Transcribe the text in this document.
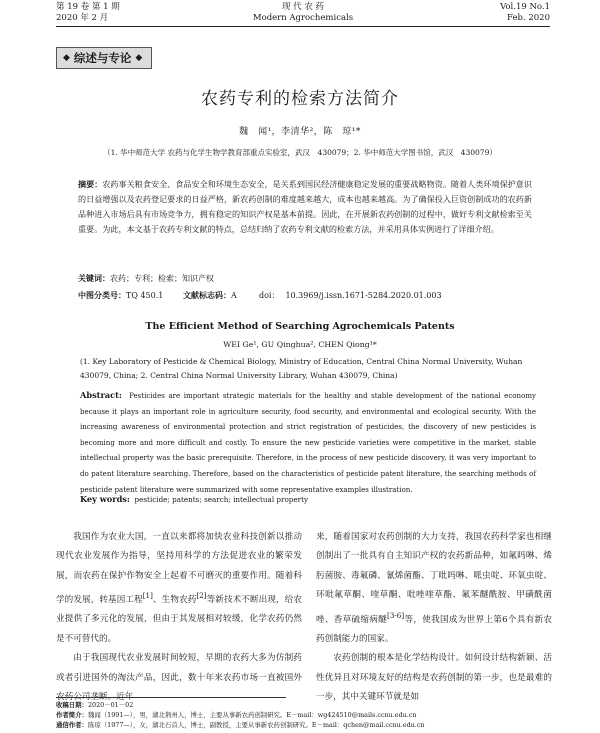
第 19 卷 第 1 期	现 代 农 药	Vol.19 No.1
2020 年 2 月	Modern Agrochemicals	Feb. 2020
◆ 综述与专论 ◆
农药专利的检索方法简介
魏　闻¹，李清华²，陈　琼¹*
（1. 华中师范大学 农药与化学生物学教育部重点实验室，武汉　430079；2. 华中师范大学图书馆，武汉　430079）
摘要：农药事关粮食安全、食品安全和环境生态安全，是关系到国民经济健康稳定发展的重要战略物资。随着人类环境保护意识的日益增强以及农药登记要求的日益严格，新农药创制的难度越来越大，成本也越来越高。为了确保投入巨资创制成功的农药新品种进入市场后具有市场竞争力，拥有稳定的知识产权是基本前提。因此，在开展新农药创制的过程中，做好专利文献检索至关重要。为此，本文基于农药专利文献的特点，总结归纳了农药专利文献的检索方法，并采用具体实例进行了详细介绍。
关键词：农药；专利；检索；知识产权
中图分类号：TQ 450.1 文献标志码：A	doi： 10.3969/j.issn.1671-5284.2020.01.003
The Efficient Method of Searching Agrochemicals Patents
WEI Ge¹, GU Qinghua², CHEN Qiong¹*
(1. Key Laboratory of Pesticide & Chemical Biology, Ministry of Education, Central China Normal University, Wuhan 430079, China; 2. Central China Normal University Library, Wuhan 430079, China)
Abstract: Pesticides are important strategic materials for the healthy and stable development of the national economy because it plays an important role in agriculture security, food security, and environmental and ecological security. With the increasing awareness of environmental protection and strict registration of pesticides, the discovery of new pesticides is becoming more and more difficult and costly. To ensure the new pesticide varieties were competitive in the market, stable intellectual property was the basic prerequisite. Therefore, in the process of new pesticide discovery, it was very important to do patent literature searching. Therefore, based on the characteristics of pesticide patent literature, the searching methods of pesticide patent literature were summarized with some representative examples illustration.
Key words: pesticide; patents; search; intellectual property

我国作为农业大国，一直以来都将加快农业科技创新以推动现代农业发展作为指导，坚持用科学的方法促进农业的繁荣发展，而农药在保护作物安全上起着不可磨灭的重要作用。随着科学的发展，转基因工程[1]、生物农药[2]等新技术不断出现，给农业提供了多元化的发展，但由于其发展相对较缓，化学农药仍然是不可替代的。

由于我国现代农业发展时间较短，早期的农药大多为仿制药或者引进国外的淘汰产品，因此，数十年来农药市场一直被国外农药公司垄断。近年

来，随着国家对农药创制的大力支持，我国农药科学家也相继创制出了一批具有自主知识产权的农药新品种，如氟吗啉、烯肟菌胺、毒氟磷、氰烯菌酯、丁吡吗啉、哌虫啶、环氧虫啶、环吡氟草酮、喹草酮、吡唑喹草酯、氟苯醚酰胺、甲磺酰菌唑、香草硫缩病醚[3-6]等，使我国成为世界上第6个具有新农药创制能力的国家。

农药创制的根本是化学结构设计。如何设计结构新颖、活性优异且对环境友好的结构是农药创制的第一步，也是最难的一步，其中关键环节就是如

收稿日期：2020－01－02
作者简介：魏闻（1991—），男，湖北荆州人，博士，主要从事新农药创制研究。E－mail：wg424510@mails.ccnu.edu.cn
通信作者：陈琼（1977—），女，湖北石首人，博士，副教授，主要从事新农药创制研究。E－mail：qchen@mail.ccnu.edu.cn
